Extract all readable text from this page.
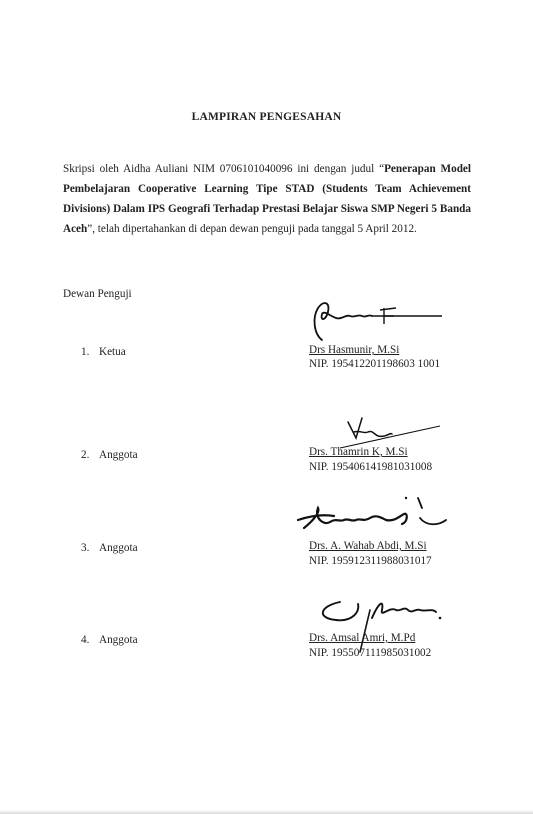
LAMPIRAN PENGESAHAN
Skripsi oleh Aidha Auliani NIM 0706101040096 ini dengan judul “Penerapan Model Pembelajaran Cooperative Learning Tipe STAD (Students Team Achievement Divisions) Dalam IPS Geografi Terhadap Prestasi Belajar Siswa SMP Negeri 5 Banda Aceh”, telah dipertahankan di depan dewan penguji pada tanggal 5 April 2012.
Dewan Penguji
1. Ketua	Drs Hasmunir, M.Si
NIP. 195412201198603 1001
2. Anggota	Drs. Thamrin K, M.Si
NIP. 195406141981031008
3. Anggota	Drs. A. Wahab Abdi, M.Si
NIP. 195912311988031017
4. Anggota	Drs. Amsal Amri, M.Pd
NIP. 195507111985031002
